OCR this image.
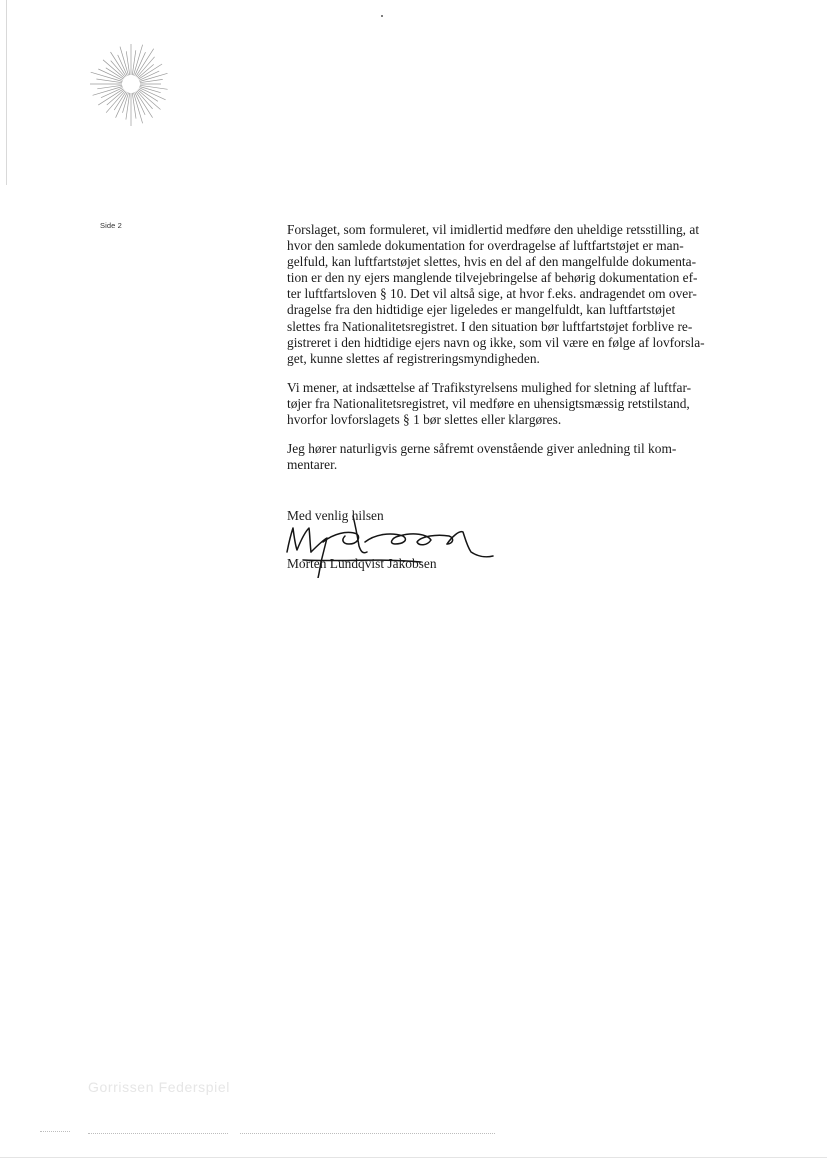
Side 2	Forslaget, som formuleret, vil imidlertid medføre den uheldige retsstilling, at
hvor den samlede dokumentation for overdragelse af luftfartstøjet er man-
gelfuld, kan luftfartstøjet slettes, hvis en del af den mangelfulde dokumenta-
tion er den ny ejers manglende tilvejebringelse af behørig dokumentation ef-
ter luftfartsloven § 10. Det vil altså sige, at hvor f.eks. andragendet om over-
dragelse fra den hidtidige ejer ligeledes er mangelfuldt, kan luftfartstøjet
slettes fra Nationalitetsregistret. I den situation bør luftfartstøjet forblive re-
gistreret i den hidtidige ejers navn og ikke, som vil være en følge af lovforsla-
get, kunne slettes af registreringsmyndigheden.

Vi mener, at indsættelse af Trafikstyrelsens mulighed for sletning af luftfar-
tøjer fra Nationalitetsregistret, vil medføre en uhensigtsmæssig retstilstand,
hvorfor lovforslagets § 1 bør slettes eller klargøres.

Jeg hører naturligvis gerne såfremt ovenstående giver anledning til kom-
mentarer.

Med venlig hilsen
Morten Lundqvist Jakobsen
Gorrissen Federspiel
